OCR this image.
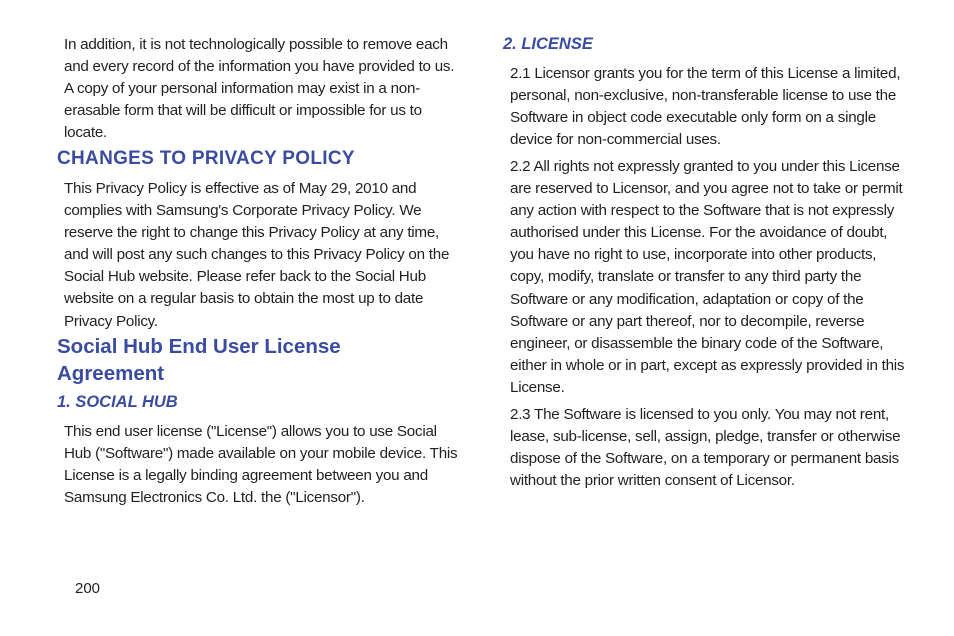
In addition, it is not technologically possible to remove each and every record of the information you have provided to us. A copy of your personal information may exist in a non-erasable form that will be difficult or impossible for us to locate.

CHANGES TO PRIVACY POLICY

This Privacy Policy is effective as of May 29, 2010 and complies with Samsung's Corporate Privacy Policy. We reserve the right to change this Privacy Policy at any time, and will post any such changes to this Privacy Policy on the Social Hub website. Please refer back to the Social Hub website on a regular basis to obtain the most up to date Privacy Policy.

Social Hub End User License Agreement
1. SOCIAL HUB

This end user license ("License") allows you to use Social Hub ("Software") made available on your mobile device. This License is a legally binding agreement between you and Samsung Electronics Co. Ltd. the ("Licensor").

2. LICENSE

2.1 Licensor grants you for the term of this License a limited, personal, non-exclusive, non-transferable license to use the Software in object code executable only form on a single device for non-commercial uses.

2.2 All rights not expressly granted to you under this License are reserved to Licensor, and you agree not to take or permit any action with respect to the Software that is not expressly authorised under this License. For the avoidance of doubt, you have no right to use, incorporate into other products, copy, modify, translate or transfer to any third party the Software or any modification, adaptation or copy of the Software or any part thereof, nor to decompile, reverse engineer, or disassemble the binary code of the Software, either in whole or in part, except as expressly provided in this License.

2.3 The Software is licensed to you only. You may not rent, lease, sub-license, sell, assign, pledge, transfer or otherwise dispose of the Software, on a temporary or permanent basis without the prior written consent of Licensor.

200
